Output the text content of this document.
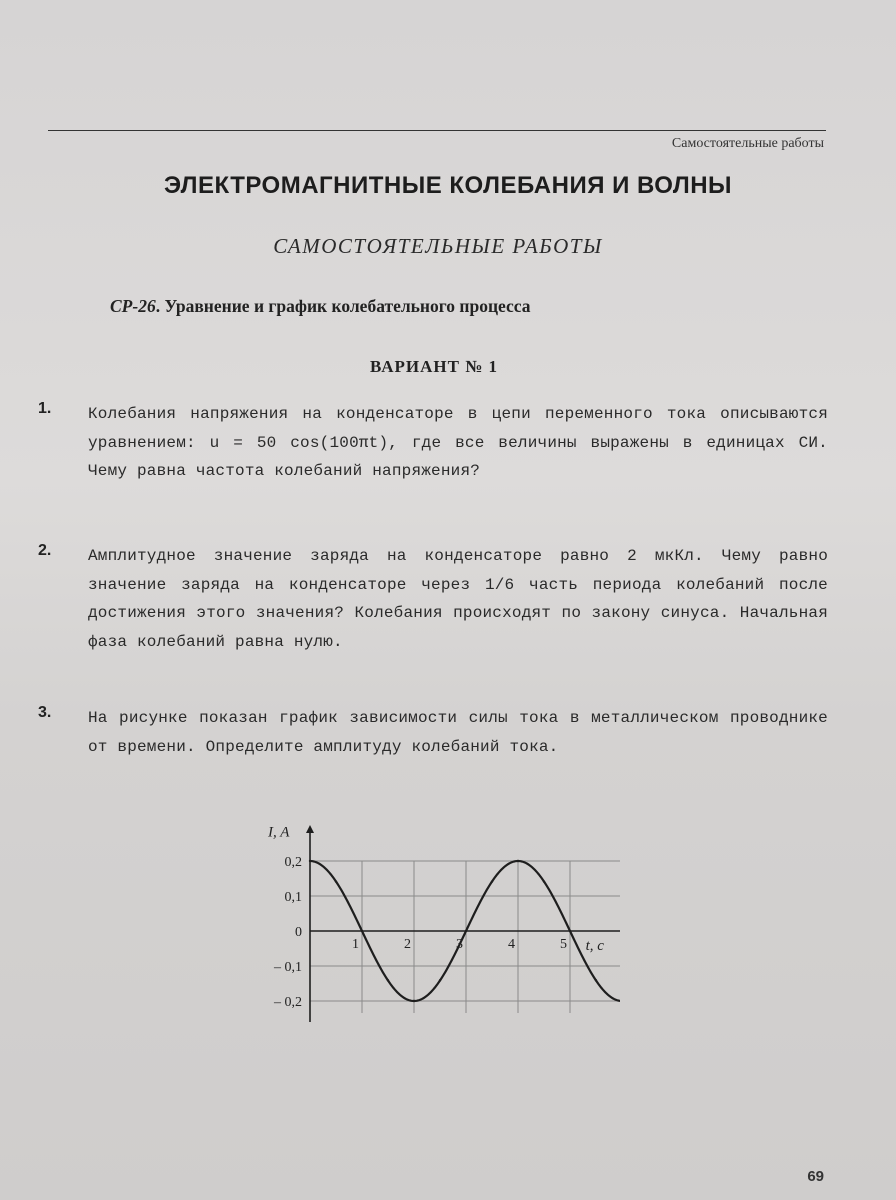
Самостоятельные работы
ЭЛЕКТРОМАГНИТНЫЕ КОЛЕБАНИЯ И ВОЛНЫ
САМОСТОЯТЕЛЬНЫЕ РАБОТЫ
СР-26. Уравнение и график колебательного процесса
ВАРИАНТ № 1
1. Колебания напряжения на конденсаторе в цепи переменного тока описываются уравнением: u = 50 cos(100πt), где все величины выражены в единицах СИ. Чему равна частота колебаний напряжения?
2. Амплитудное значение заряда на конденсаторе равно 2 мкКл. Чему равно значение заряда на конденсаторе через 1/6 часть периода колебаний после достижения этого значения? Колебания происходят по закону синуса. Начальная фаза колебаний равна нулю.
3. На рисунке показан график зависимости силы тока в металлическом проводнике от времени. Определите амплитуду колебаний тока.
1	2	3	4	5
0,2
0,1
0
– 0,1
– 0,2
I, A
t, c
69
